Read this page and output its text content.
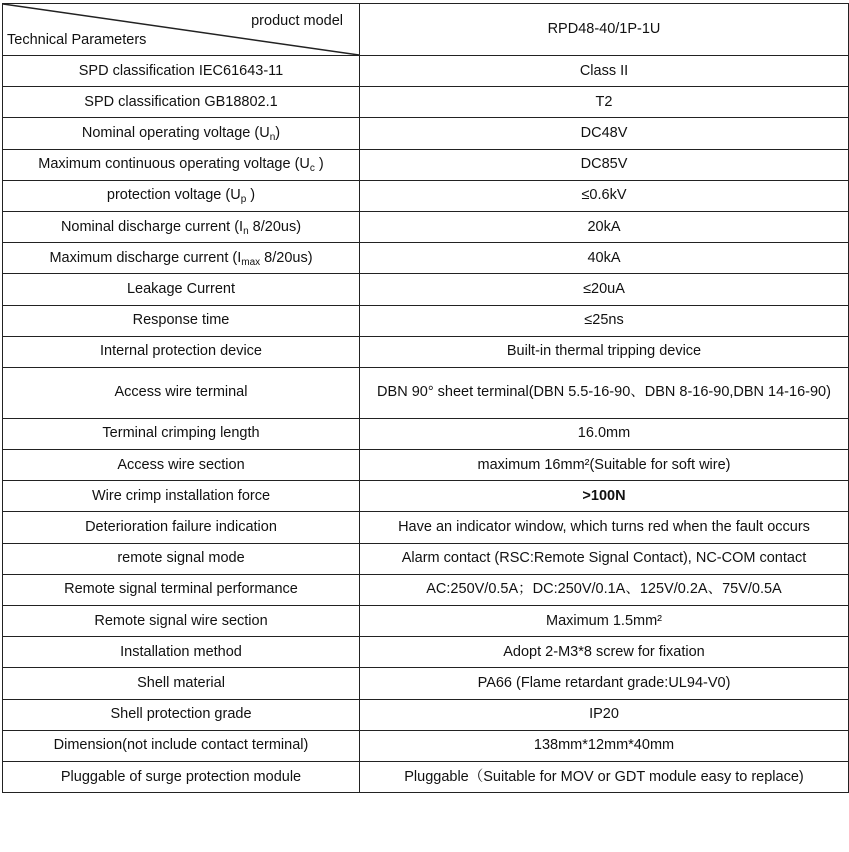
product model
Technical Parameters	RPD48-40/1P-1U
SPD classification IEC61643-11	Class II
SPD classification GB18802.1	T2
Nominal operating voltage $(U_n)$	DC48V
Maximum continuous operating voltage ($U_c$ )	DC85V
protection voltage ($U_p$ )	≤0.6kV
Nominal discharge current ($I_n$ 8/20us)	20kA
Maximum discharge current ($I_{max}$ 8/20us)	40kA
Leakage Current	≤20uA
Response time	≤25ns
Internal protection device	Built-in thermal tripping device
Access wire terminal	DBN 90° sheet terminal(DBN 5.5-16-90、DBN 8-16-90,DBN 14-16-90)
Terminal crimping length	16.0mm
Access wire section	maximum 16mm²(Suitable for soft wire)
Wire crimp installation force	>100N
Deterioration failure indication	Have an indicator window, which turns red when the fault occurs
remote signal mode	Alarm contact (RSC:Remote Signal Contact), NC-COM contact
Remote signal terminal performance	AC:250V/0.5A；DC:250V/0.1A、125V/0.2A、75V/0.5A
Remote signal wire section	Maximum 1.5mm²
Installation method	Adopt 2-M3*8 screw for fixation
Shell material	PA66 (Flame retardant grade:UL94-V0)
Shell protection grade	IP20
Dimension(not include contact terminal)	138mm*12mm*40mm
Pluggable of surge protection module	Pluggable（Suitable for MOV or GDT module easy to replace)
